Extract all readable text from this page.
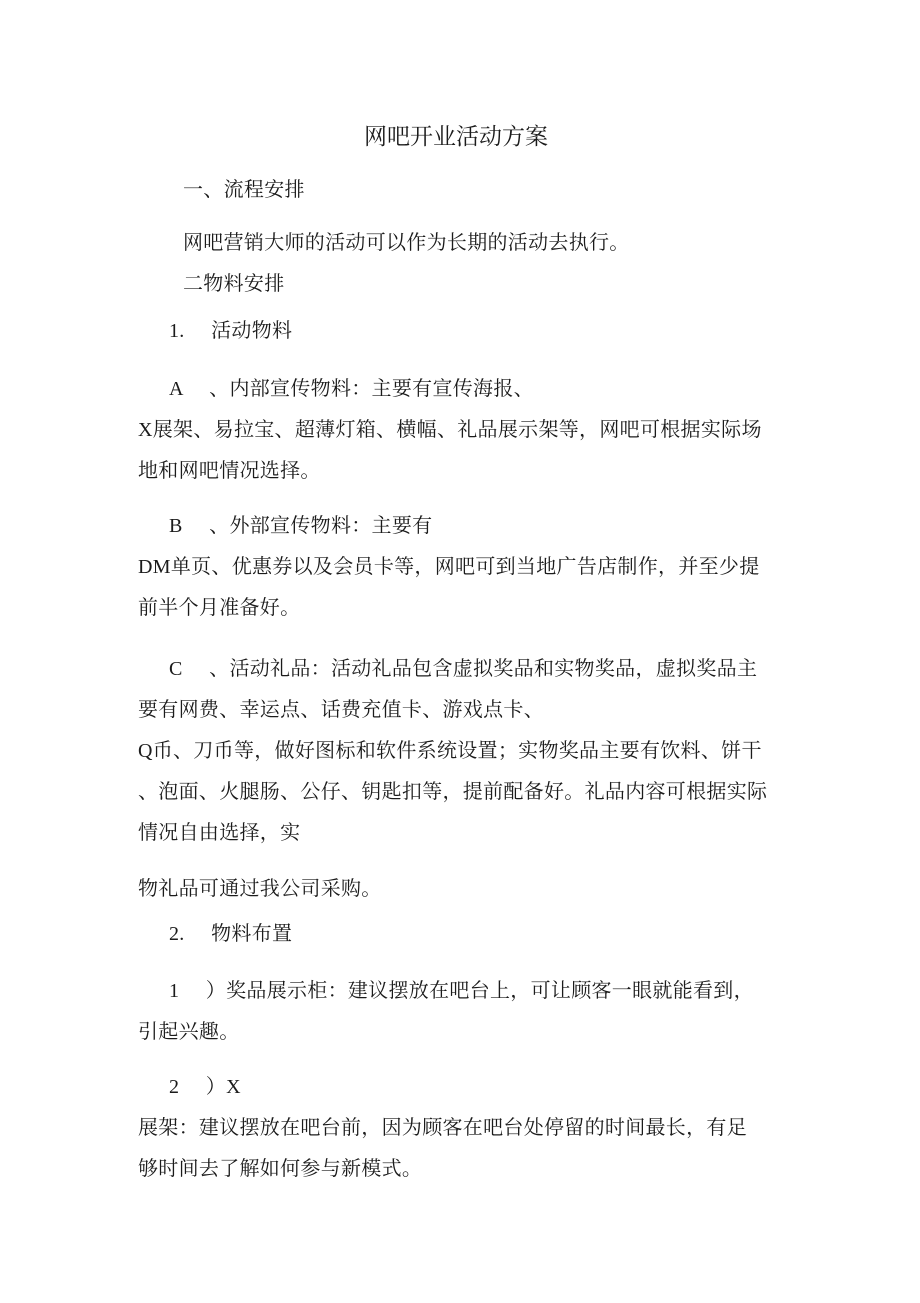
网吧开业活动方案
一、流程安排
网吧营销大师的活动可以作为长期的活动去执行。
二物料安排
1.     活动物料
A     、内部宣传物料：主要有宣传海报、
X展架、易拉宝、超薄灯箱、横幅、礼品展示架等，网吧可根据实际场
地和网吧情况选择。
B     、外部宣传物料：主要有
DM单页、优惠券以及会员卡等，网吧可到当地广告店制作，并至少提
前半个月准备好。
C     、活动礼品：活动礼品包含虚拟奖品和实物奖品，虚拟奖品主
要有网费、幸运点、话费充值卡、游戏点卡、
Q币、刀币等，做好图标和软件系统设置；实物奖品主要有饮料、饼干
、泡面、火腿肠、公仔、钥匙扣等，提前配备好。礼品内容可根据实际
情况自由选择，实
物礼品可通过我公司采购。
2.     物料布置
1     ）奖品展示柜：建议摆放在吧台上，可让顾客一眼就能看到，
引起兴趣。
2     ）X
展架：建议摆放在吧台前，因为顾客在吧台处停留的时间最长，有足
够时间去了解如何参与新模式。
